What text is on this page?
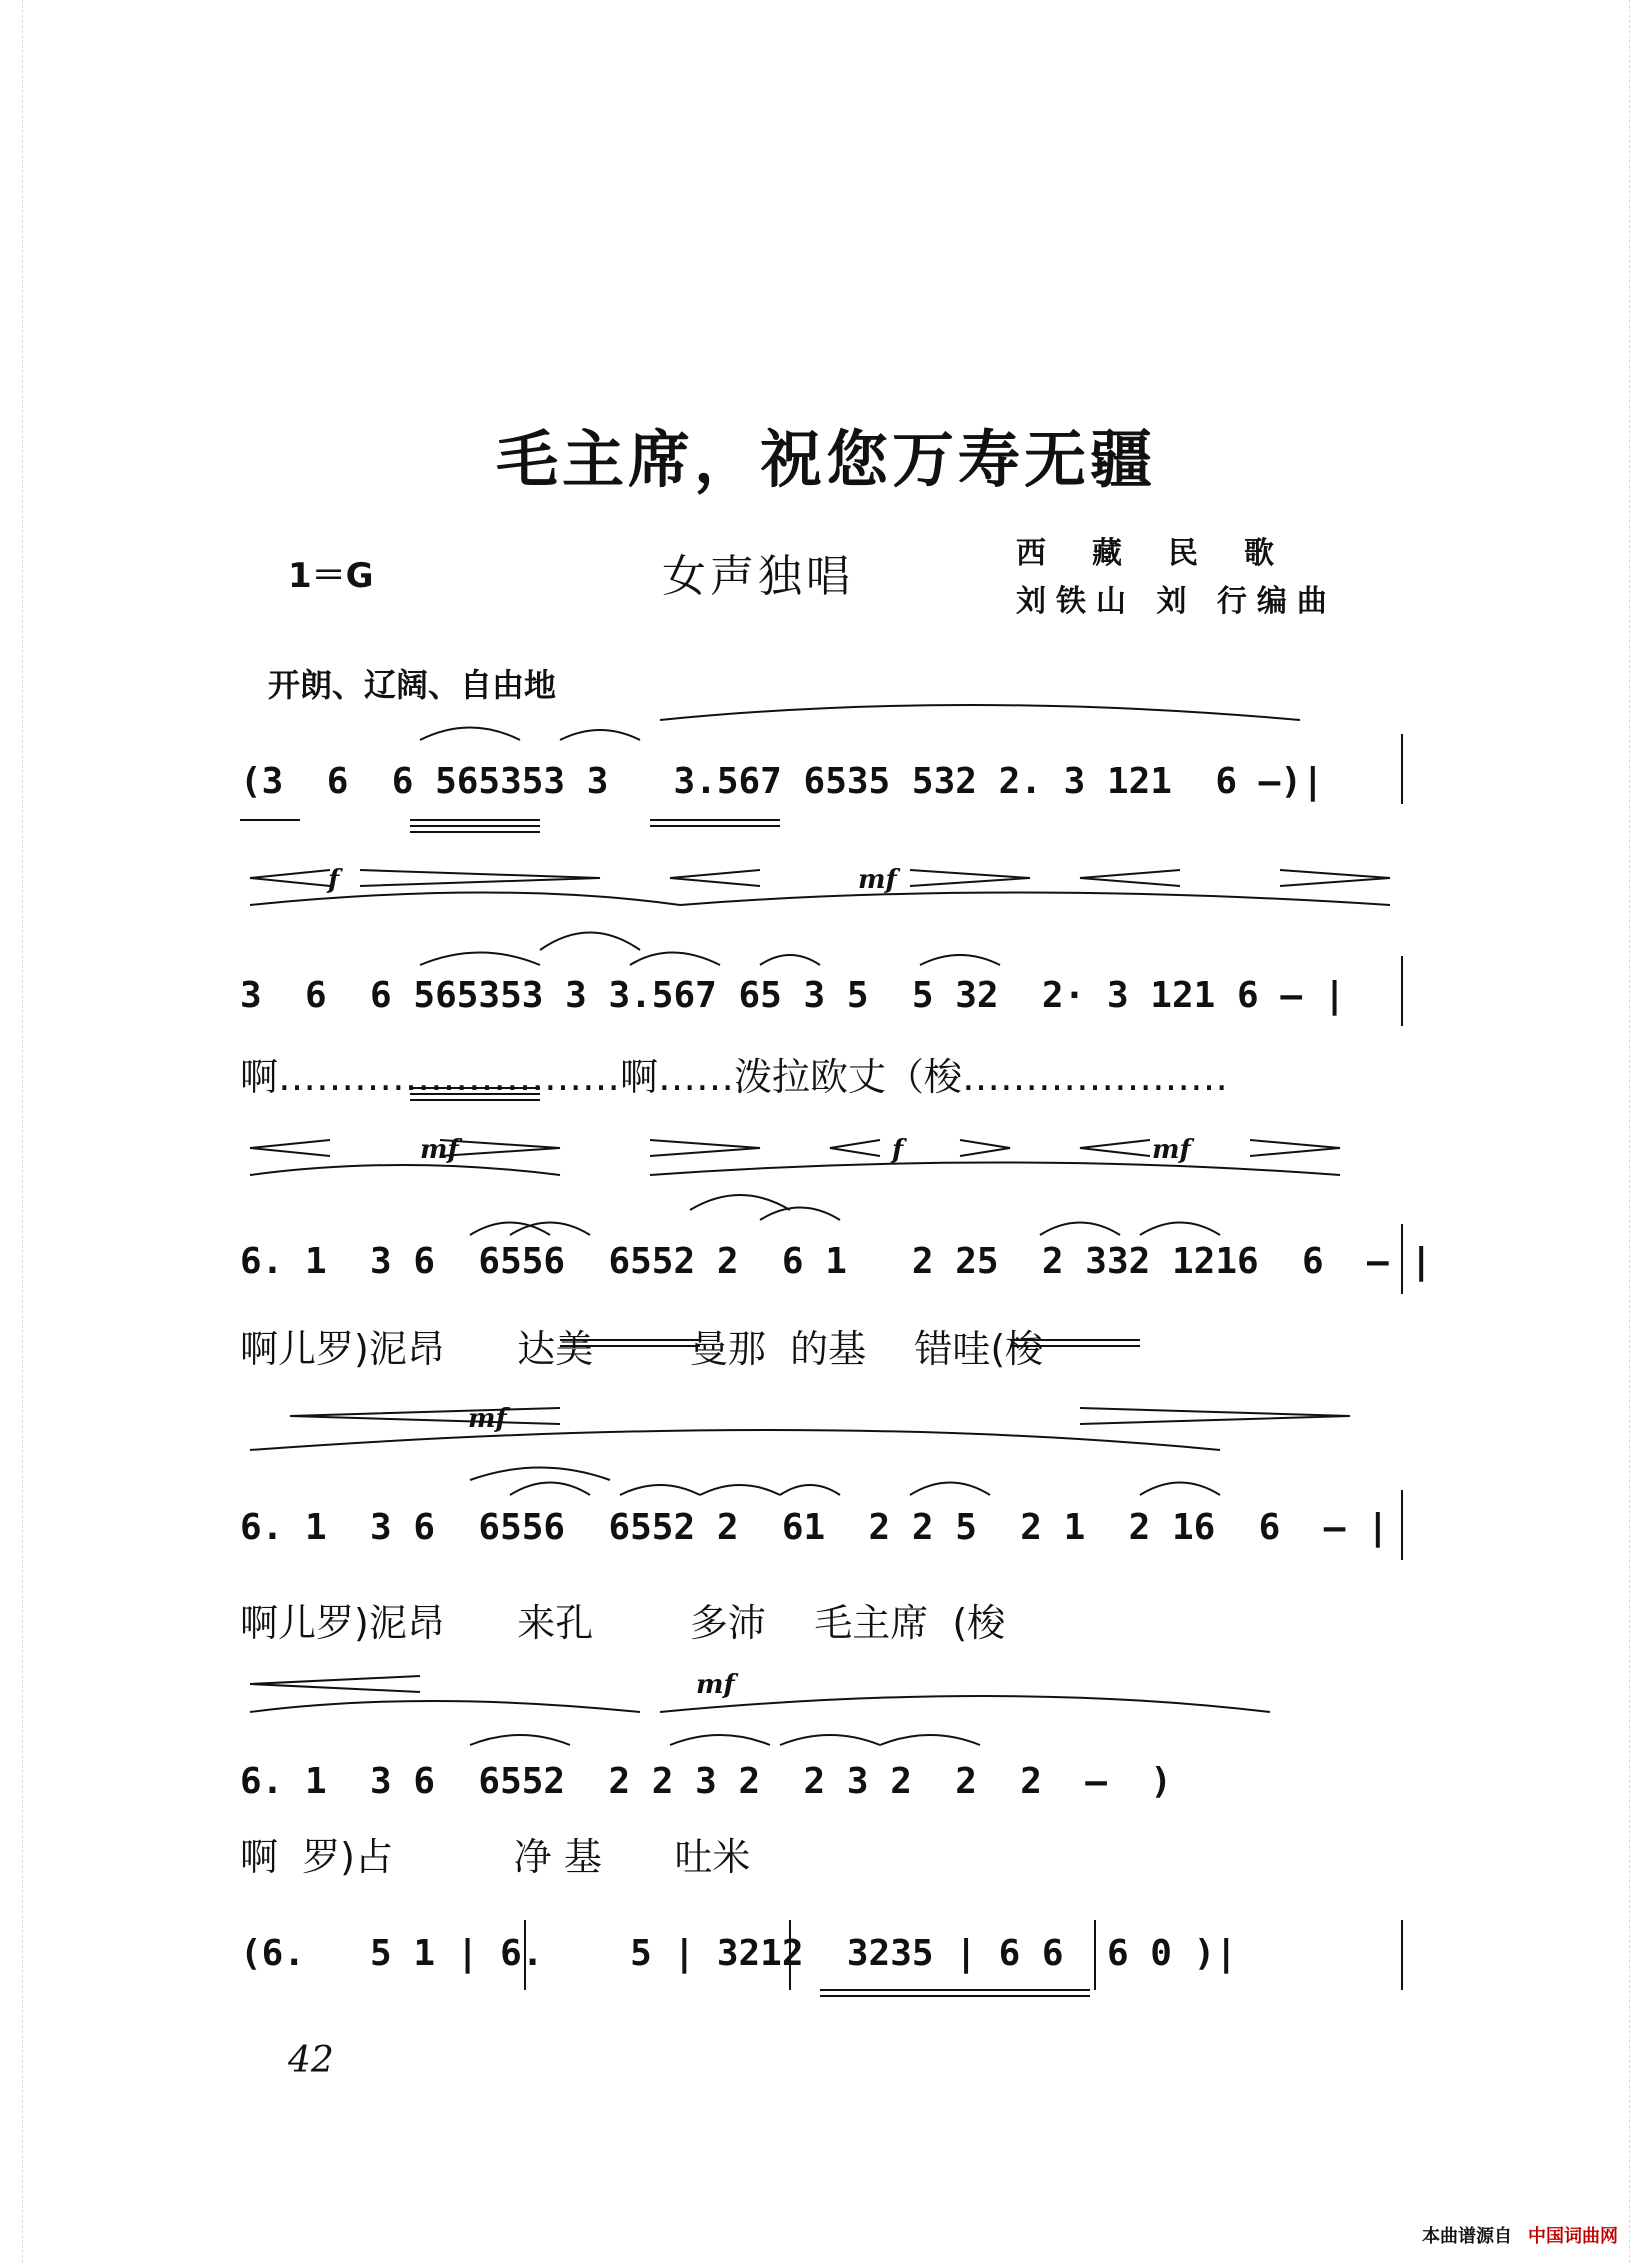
毛主席，祝您万寿无疆
1＝G	女声独唱	西藏民歌
刘铁山 刘 行编曲
开朗、辽阔、自由地
f	mf
mf	f	mf
mf
mf
(3  6  6 565353 3   3.567 6535 532 2. 3 121  6 —)|
3  6  6 565353 3 3.567 65 3 5  5 32  2· 3 121 6 — |
啊………………………啊……泼拉欧丈（梭…………………
6. 1  3 6  6556  6552 2  6 1   2 25  2 332 1216  6  — |
啊儿罗)泥昂      达美        曼那  的基    错哇(梭
6. 1  3 6  6556  6552 2  61  2 2 5  2 1  2 16  6  — |
啊儿罗)泥昂      来孔        多沛    毛主席  (梭
6. 1  3 6  6552  2 2 3 2  2 3 2  2  2  —  )
啊  罗)占          净 基      吐米
(6.   5 1 | 6.    5 | 3212  3235 | 6 6  6 0 )|
42
本曲谱源自 中国词曲网
